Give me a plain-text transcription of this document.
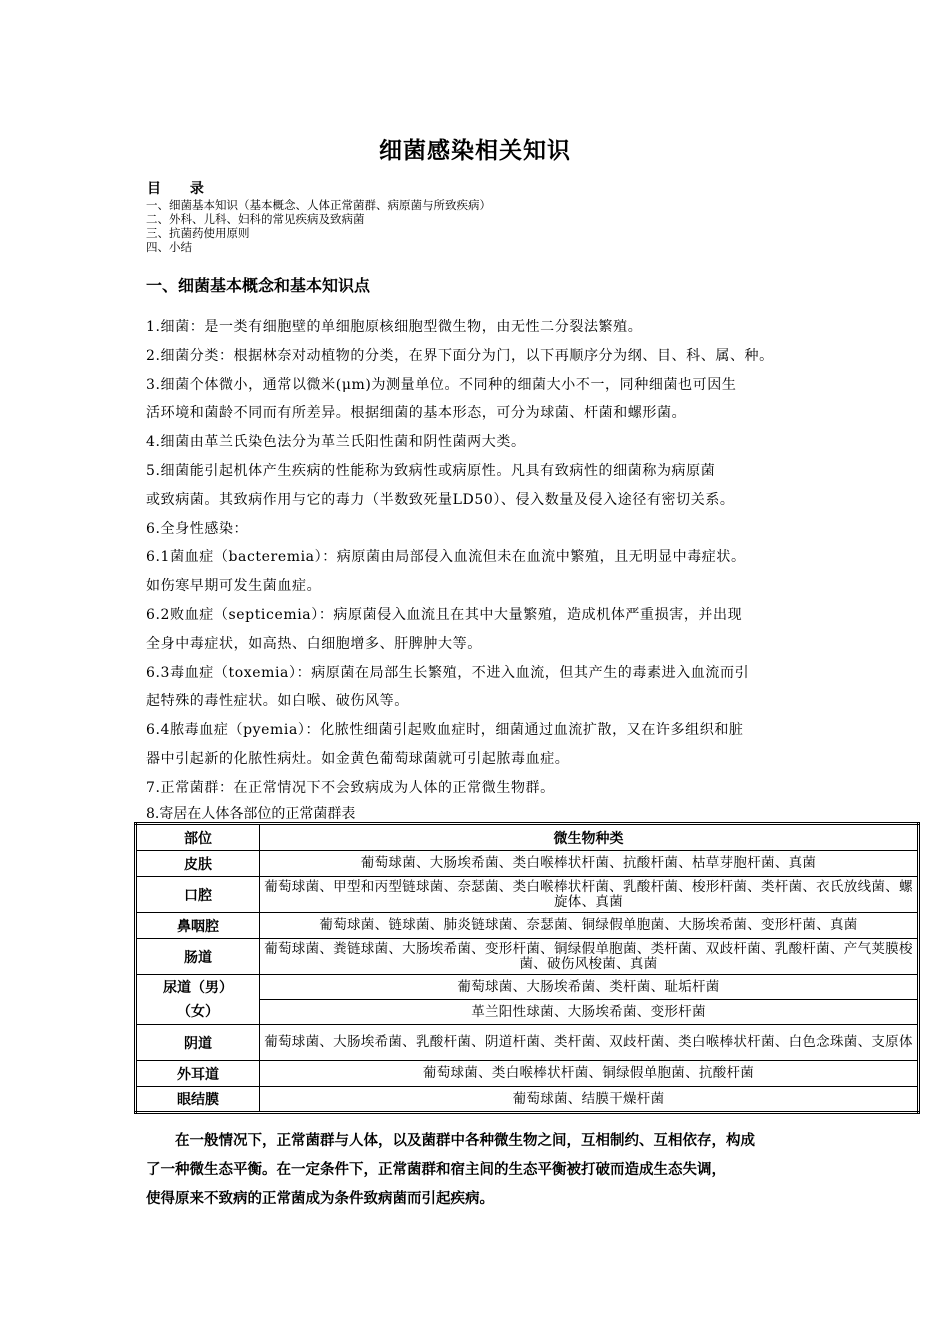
细菌感染相关知识
目 录
一、细菌基本知识（基本概念、人体正常菌群、病原菌与所致疾病）
二、外科、儿科、妇科的常见疾病及致病菌
三、抗菌药使用原则
四、小结
一、细菌基本概念和基本知识点
1.细菌：是一类有细胞壁的单细胞原核细胞型微生物，由无性二分裂法繁殖。
2.细菌分类：根据林奈对动植物的分类，在界下面分为门，以下再顺序分为纲、目、科、属、种。
3.细菌个体微小，通常以微米(μm)为测量单位。不同种的细菌大小不一，同种细菌也可因生
活环境和菌龄不同而有所差异。根据细菌的基本形态，可分为球菌、杆菌和螺形菌。
4.细菌由革兰氏染色法分为革兰氏阳性菌和阴性菌两大类。
5.细菌能引起机体产生疾病的性能称为致病性或病原性。凡具有致病性的细菌称为病原菌
或致病菌。其致病作用与它的毒力（半数致死量LD50）、侵入数量及侵入途径有密切关系。
6.全身性感染：
6.1菌血症（bacteremia）：病原菌由局部侵入血流但未在血流中繁殖，且无明显中毒症状。
如伤寒早期可发生菌血症。
6.2败血症（septicemia）：病原菌侵入血流且在其中大量繁殖，造成机体严重损害，并出现
全身中毒症状，如高热、白细胞增多、肝脾肿大等。
6.3毒血症（toxemia）：病原菌在局部生长繁殖，不进入血流，但其产生的毒素进入血流而引
起特殊的毒性症状。如白喉、破伤风等。
6.4脓毒血症（pyemia）：化脓性细菌引起败血症时，细菌通过血流扩散，又在许多组织和脏
器中引起新的化脓性病灶。如金黄色葡萄球菌就可引起脓毒血症。
7.正常菌群：在正常情况下不会致病成为人体的正常微生物群。
8.寄居在人体各部位的正常菌群表
部位	微生物种类
皮肤	葡萄球菌、大肠埃希菌、类白喉棒状杆菌、抗酸杆菌、枯草芽胞杆菌、真菌
口腔	葡萄球菌、甲型和丙型链球菌、奈瑟菌、类白喉棒状杆菌、乳酸杆菌、梭形杆菌、类杆菌、衣氏放线菌、螺旋体、真菌
鼻咽腔	葡萄球菌、链球菌、肺炎链球菌、奈瑟菌、铜绿假单胞菌、大肠埃希菌、变形杆菌、真菌
肠道	葡萄球菌、粪链球菌、大肠埃希菌、变形杆菌、铜绿假单胞菌、类杆菌、双歧杆菌、乳酸杆菌、产气荚膜梭菌、破伤风梭菌、真菌
尿道（男）（女）	葡萄球菌、大肠埃希菌、类杆菌、耻垢杆菌
	革兰阳性球菌、大肠埃希菌、变形杆菌
阴道	葡萄球菌、大肠埃希菌、乳酸杆菌、阴道杆菌、类杆菌、双歧杆菌、类白喉棒状杆菌、白色念珠菌、支原体
外耳道	葡萄球菌、类白喉棒状杆菌、铜绿假单胞菌、抗酸杆菌
眼结膜	葡萄球菌、结膜干燥杆菌
　　在一般情况下，正常菌群与人体，以及菌群中各种微生物之间，互相制约、互相依存，构成
了一种微生态平衡。在一定条件下，正常菌群和宿主间的生态平衡被打破而造成生态失调，
使得原来不致病的正常菌成为条件致病菌而引起疾病。
